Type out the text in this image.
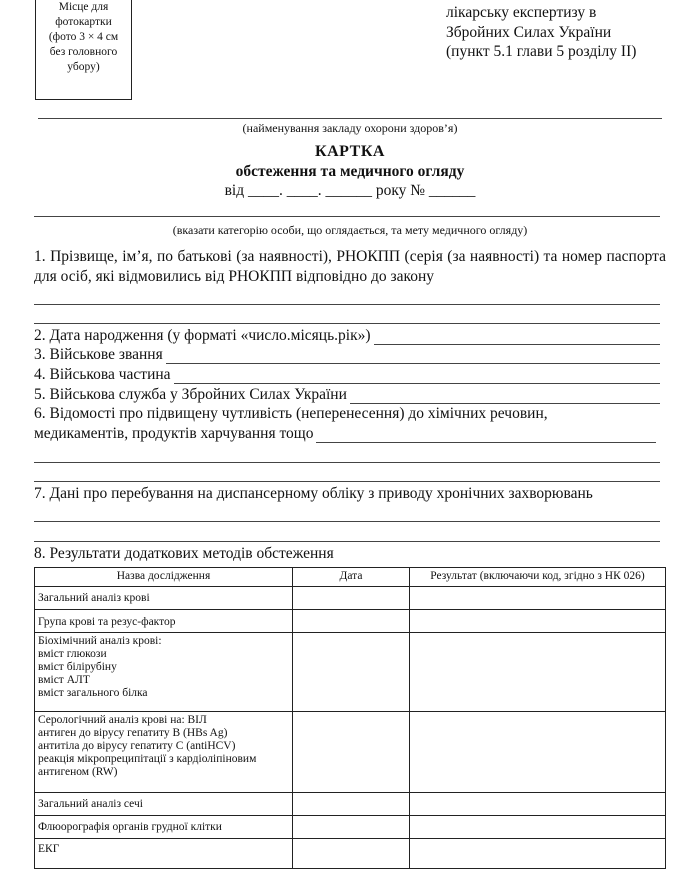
Місце для
фотокартки
(фото 3 × 4 см
без головного
убору)
лікарську експертизу в
Збройних Силах України
(пункт 5.1 глави 5 розділу ІІ)
(найменування закладу охорони здоров’я)
КАРТКА
обстеження та медичного огляду
від ____. ____. ______ року № ______
(вказати категорію особи, що оглядається, та мету медичного огляду)
1. Прізвище, ім’я, по батькові (за наявності), РНОКПП (серія (за наявності) та номер паспорта для осіб, які відмовились від РНОКПП відповідно до закону
2. Дата народження (у форматі «число.місяць.рік»)
3. Військове звання
4. Військова частина
5. Військова служба у Збройних Силах України
6. Відомості про підвищену чутливість (неперенесення) до хімічних речовин,
медикаментів, продуктів харчування тощо
7. Дані про перебування на диспансерному обліку з приводу хронічних захворювань
8. Результати додаткових методів обстеження
Назва дослідження	Дата	Результат (включаючи код, згідно з НК 026)

Загальний аналіз крові		

Група крові та резус-фактор		

Біохімічний аналіз крові:
вміст глюкози
вміст білірубіну
вміст АЛТ
вміст загального білка		

Серологічний аналіз крові на: ВІЛ
антиген до вірусу гепатиту В (HBs Ag)
антитіла до вірусу гепатиту С (antiHCV)
реакція мікропреципітації з кардіоліпіновим
антигеном (RW)		

Загальний аналіз сечі		

Флюорографія органів грудної клітки		

ЕКГ		
